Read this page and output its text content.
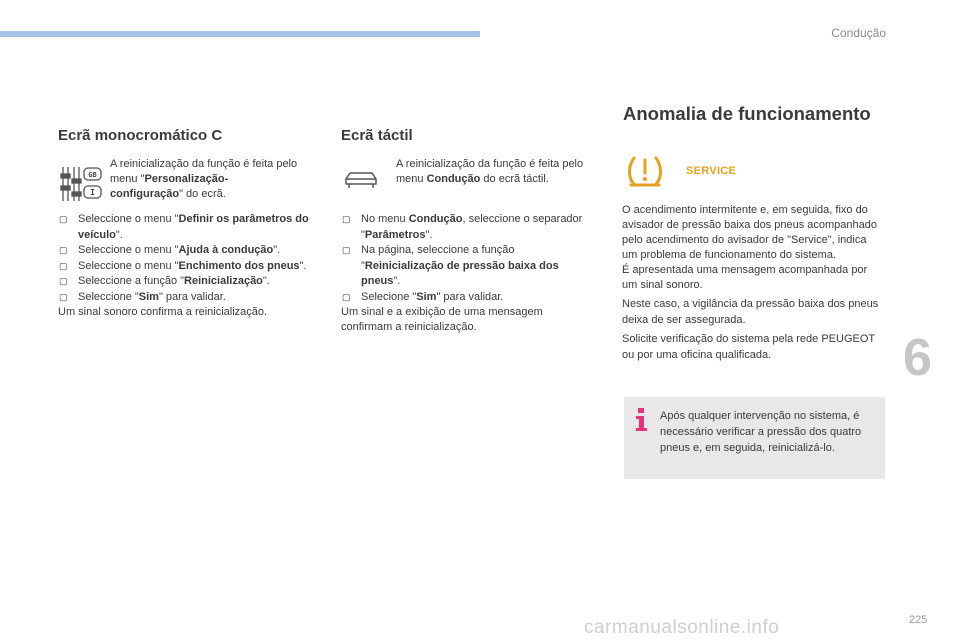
Condução
Ecrã monocromático C
GB
I
A reinicialização da função é feita pelo menu "Personalização-configuração" do ecrã.
▢ Seleccione o menu "Definir os parâmetros do veículo".
▢ Seleccione o menu "Ajuda à condução".
▢ Seleccione o menu "Enchimento dos pneus".
▢ Seleccione a função "Reinicialização".
▢ Seleccione "Sim" para validar.
Um sinal sonoro confirma a reinicialização.
Ecrã táctil
A reinicialização da função é feita pelo menu Condução do ecrã táctil.
▢ No menu Condução, seleccione o separador "Parâmetros".
▢ Na página, seleccione a função "Reinicialização de pressão baixa dos pneus".
▢ Selecione "Sim" para validar.
Um sinal e a exibição de uma mensagem confirmam a reinicialização.
Anomalia de funcionamento
SERVICE
O acendimento intermitente e, em seguida, fixo do avisador de pressão baixa dos pneus acompanhado pelo acendimento do avisador de "Service", indica um problema de funcionamento do sistema.
É apresentada uma mensagem acompanhada por um sinal sonoro.
Neste caso, a vigilância da pressão baixa dos pneus deixa de ser assegurada.
Solicite verificação do sistema pela rede PEUGEOT ou por uma oficina qualificada.
Após qualquer intervenção no sistema, é necessário verificar a pressão dos quatro pneus e, em seguida, reinicializá-lo.
6
225
carmanualsonline.info
